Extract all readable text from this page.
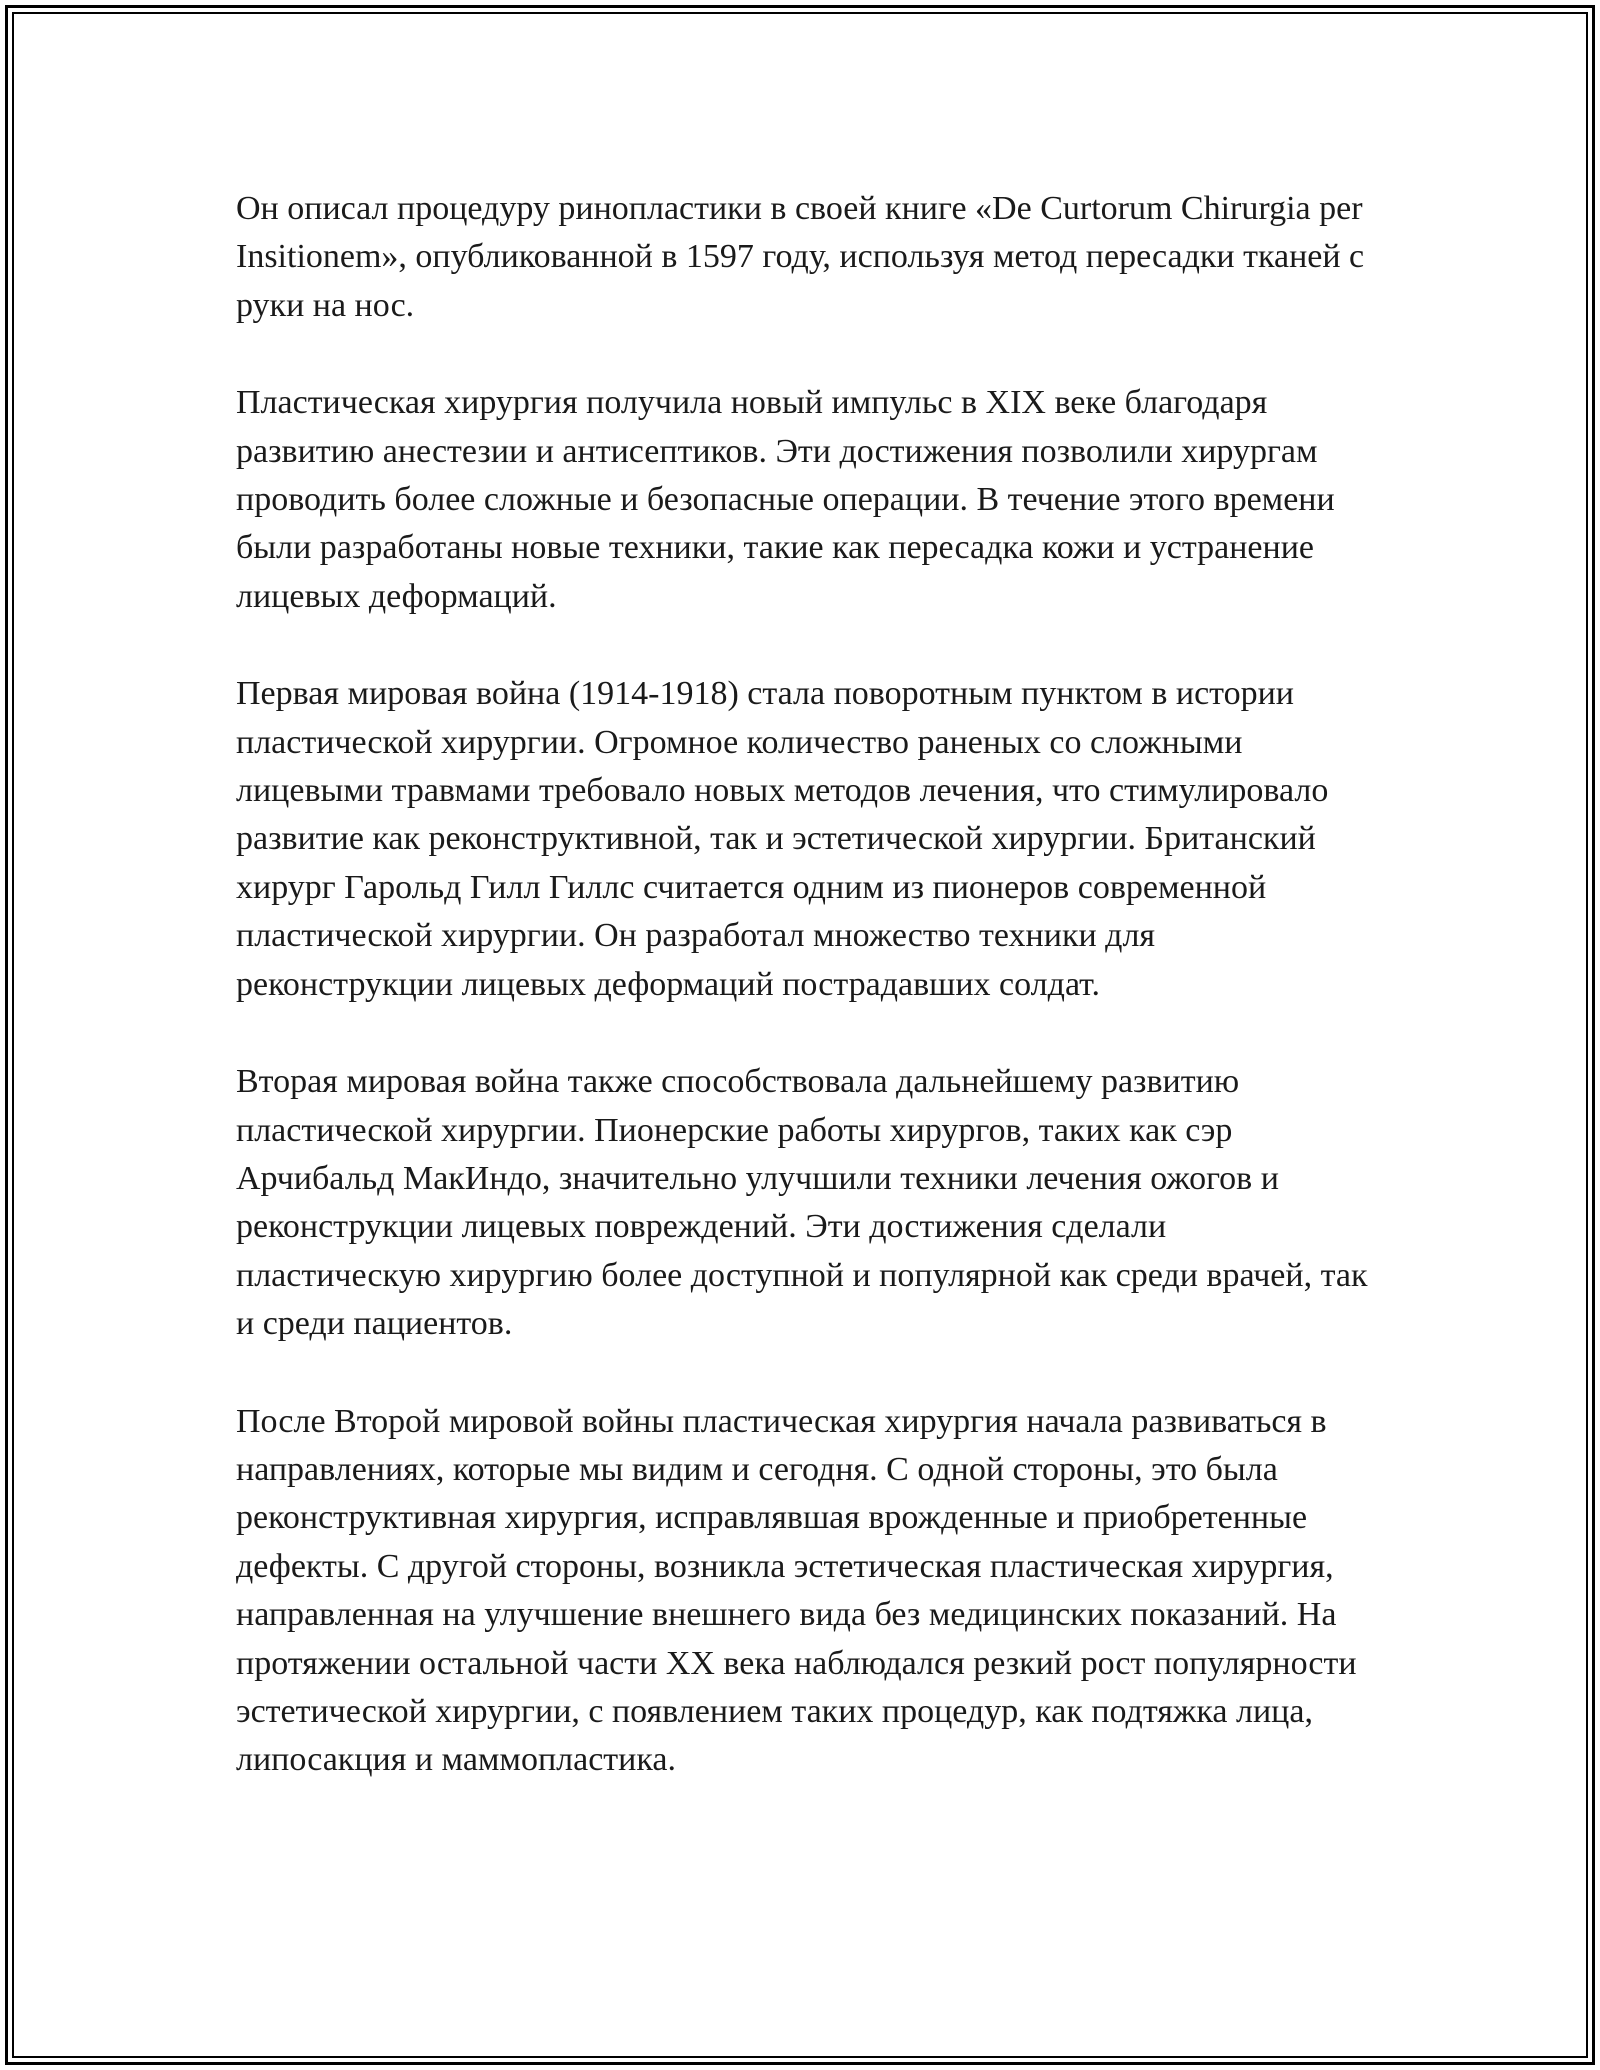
Он описал процедуру ринопластики в своей книге «De Curtorum Chirurgia per Insitionem», опубликованной в 1597 году, используя метод пересадки тканей с руки на нос.

Пластическая хирургия получила новый импульс в XIX веке благодаря развитию анестезии и антисептиков. Эти достижения позволили хирургам проводить более сложные и безопасные операции. В течение этого времени были разработаны новые техники, такие как пересадка кожи и устранение лицевых деформаций.

Первая мировая война (1914-1918) стала поворотным пунктом в истории пластической хирургии. Огромное количество раненых со сложными лицевыми травмами требовало новых методов лечения, что стимулировало развитие как реконструктивной, так и эстетической хирургии. Британский хирург Гарольд Гилл Гиллс считается одним из пионеров современной пластической хирургии. Он разработал множество техники для реконструкции лицевых деформаций пострадавших солдат.

Вторая мировая война также способствовала дальнейшему развитию пластической хирургии. Пионерские работы хирургов, таких как сэр Арчибальд МакИндо, значительно улучшили техники лечения ожогов и реконструкции лицевых повреждений. Эти достижения сделали пластическую хирургию более доступной и популярной как среди врачей, так и среди пациентов.

После Второй мировой войны пластическая хирургия начала развиваться в направлениях, которые мы видим и сегодня. С одной стороны, это была реконструктивная хирургия, исправлявшая врожденные и приобретенные дефекты. С другой стороны, возникла эстетическая пластическая хирургия, направленная на улучшение внешнего вида без медицинских показаний. На протяжении остальной части XX века наблюдался резкий рост популярности эстетической хирургии, с появлением таких процедур, как подтяжка лица, липосакция и маммопластика.
